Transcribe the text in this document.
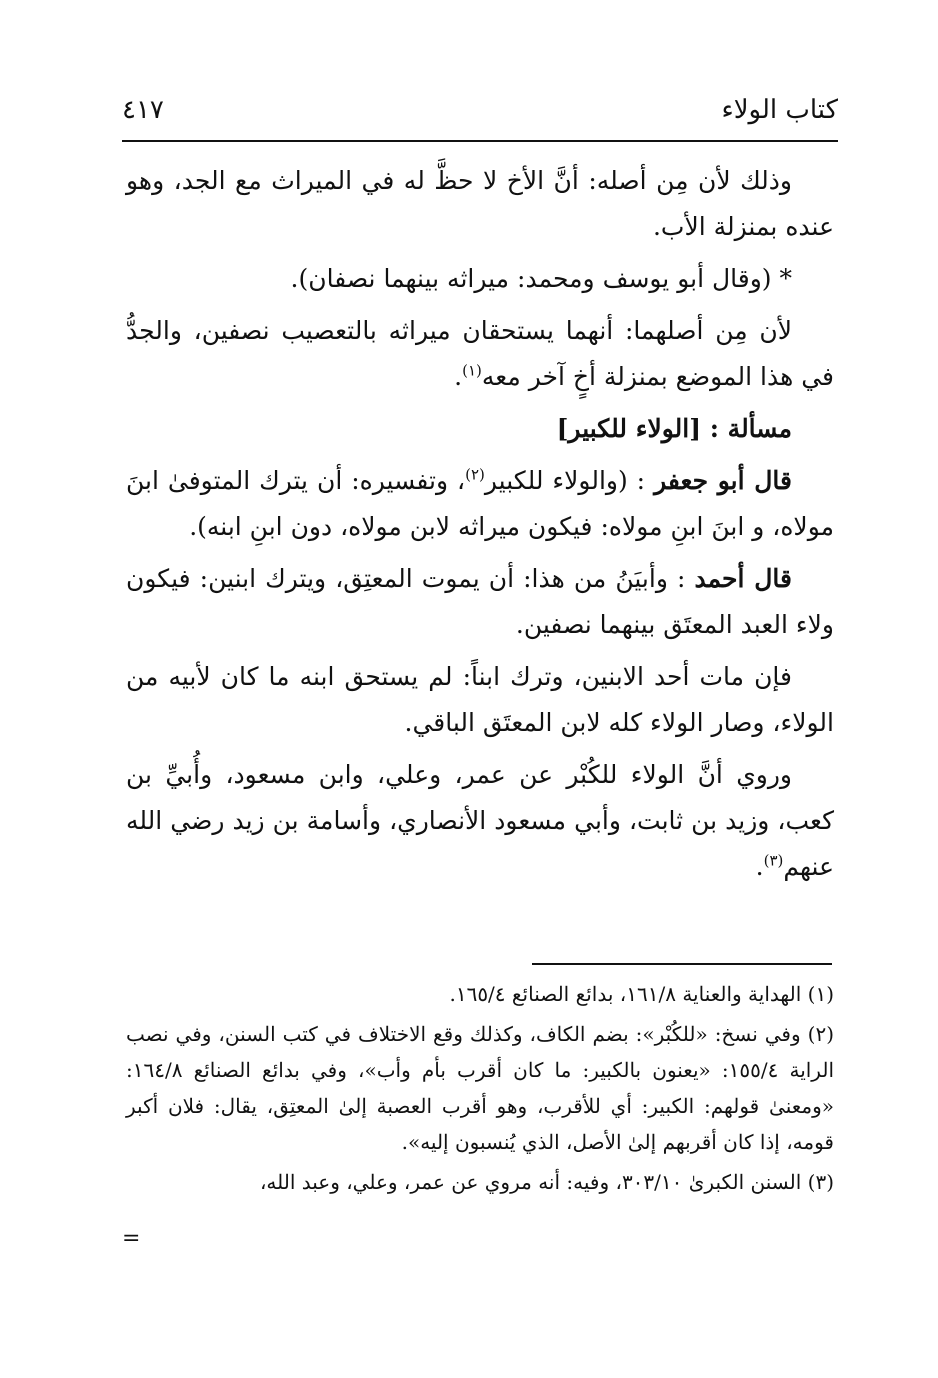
كتاب الولاء
٤١٧

وذلك لأن مِن أصله: أنَّ الأخ لا حظَّ له في الميراث مع الجد، وهو عنده بمنزلة الأب.

* (وقال أبو يوسف ومحمد: ميراثه بينهما نصفان).

لأن مِن أصلهما: أنهما يستحقان ميراثه بالتعصيب نصفين، والجدُّ في هذا الموضع بمنزلة أخٍ آخر معه$^{(١)}$.

مسألة : [الولاء للكبير]

قال أبو جعفر : (والولاء للكبير$^{(٢)}$، وتفسيره: أن يترك المتوفىٰ ابنَ مولاه، و ابنَ ابنِ مولاه: فيكون ميراثه لابن مولاه، دون ابنِ ابنه).

قال أحمد : وأبيَنُ من هذا: أن يموت المعتِق، ويترك ابنين: فيكون ولاء العبد المعتَق بينهما نصفين.

فإن مات أحد الابنين، وترك ابناً: لم يستحق ابنه ما كان لأبيه من الولاء، وصار الولاء كله لابن المعتَق الباقي.

وروي أنَّ الولاء للكُبْر عن عمر، وعلي، وابن مسعود، وأُبيِّ بن كعب، وزيد بن ثابت، وأبي مسعود الأنصاري، وأسامة بن زيد رضي الله عنهم$^{(٣)}$.

(١) الهداية والعناية ١٦١/٨، بدائع الصنائع ١٦٥/٤.

(٢) وفي نسخ: «للكُبْر»: بضم الكاف، وكذلك وقع الاختلاف في كتب السنن، وفي نصب الراية ١٥٥/٤: «يعنون بالكبير: ما كان أقرب بأم وأب»، وفي بدائع الصنائع ١٦٤/٨: «ومعنىٰ قولهم: الكبير: أي للأقرب، وهو أقرب العصبة إلىٰ المعتِق، يقال: فلان أكبر قومه، إذا كان أقربهم إلىٰ الأصل، الذي يُنسبون إليه».

(٣) السنن الكبرىٰ ٣٠٣/١٠، وفيه: أنه مروي عن عمر، وعلي، وعبد الله،

=
